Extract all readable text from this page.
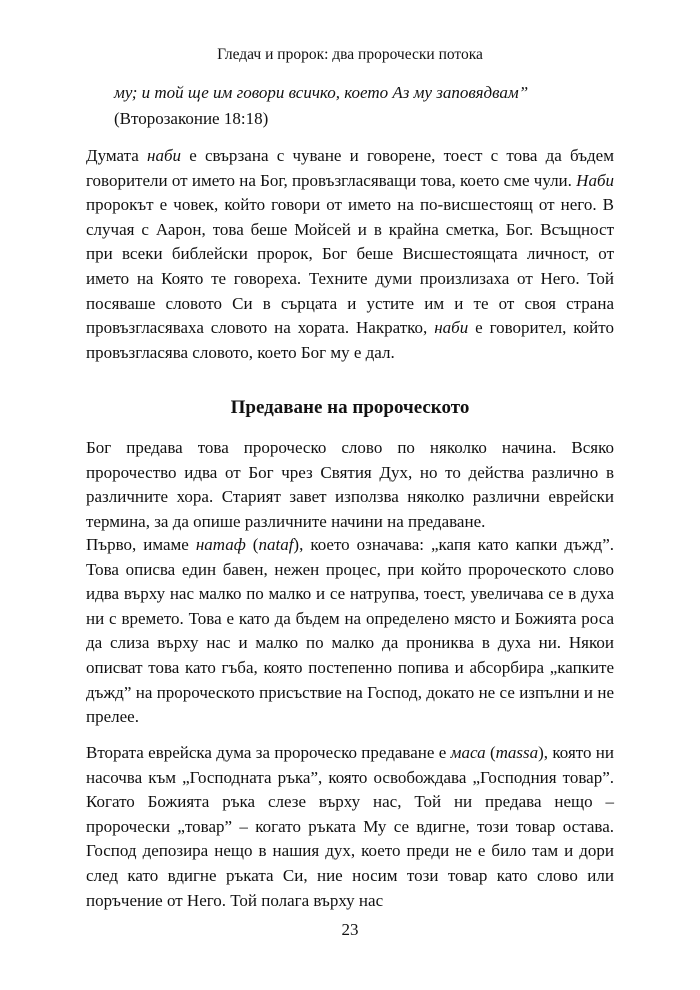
Гледач и пророк: два пророчески потока
му; и той ще им говори всичко, което Аз му заповядвам”
(Второзаконие 18:18)

Думата наби е свързана с чуване и говорене, тоест с това да бъдем говорители от името на Бог, провъзгласяващи това, което сме чули. Наби пророкът е човек, който говори от името на по-висшестоящ от него. В случая с Аарон, това беше Мойсей и в крайна сметка, Бог. Всъщност при всеки библейски пророк, Бог беше Висшестоящата личност, от името на Която те говореха. Техните думи произлизаха от Него. Той посяваше словото Си в сърцата и устите им и те от своя страна провъзгласяваха словото на хората. Накратко, наби е говорител, който провъзгласява словото, което Бог му е дал.

Предаване на пророческото

Бог предава това пророческо слово по няколко начина. Всяко пророчество идва от Бог чрез Святия Дух, но то действа различно в различните хора. Старият завет използва няколко различни еврейски термина, за да опише различните начини на предаване.

Първо, имаме натаф (nataf), което означава: „капя като капки дъжд”. Това описва един бавен, нежен процес, при който пророческото слово идва върху нас малко по малко и се натрупва, тоест, увеличава се в духа ни с времето. Това е като да бъдем на определено място и Божията роса да слиза върху нас и малко по малко да прониква в духа ни. Някои описват това като гъба, която постепенно попива и абсорбира „капките дъжд” на пророческото присъствие на Господ, докато не се изпълни и не прелее.

Втората еврейска дума за пророческо предаване е маса (massa), която ни насочва към „Господната ръка”, която освобождава „Господния товар”. Когато Божията ръка слезе върху нас, Той ни предава нещо – пророчески „товар” – когато ръката Му се вдигне, този товар остава. Господ депозира нещо в нашия дух, което преди не е било там и дори след като вдигне ръката Си, ние носим този товар като слово или поръчение от Него. Той полага върху нас

23
